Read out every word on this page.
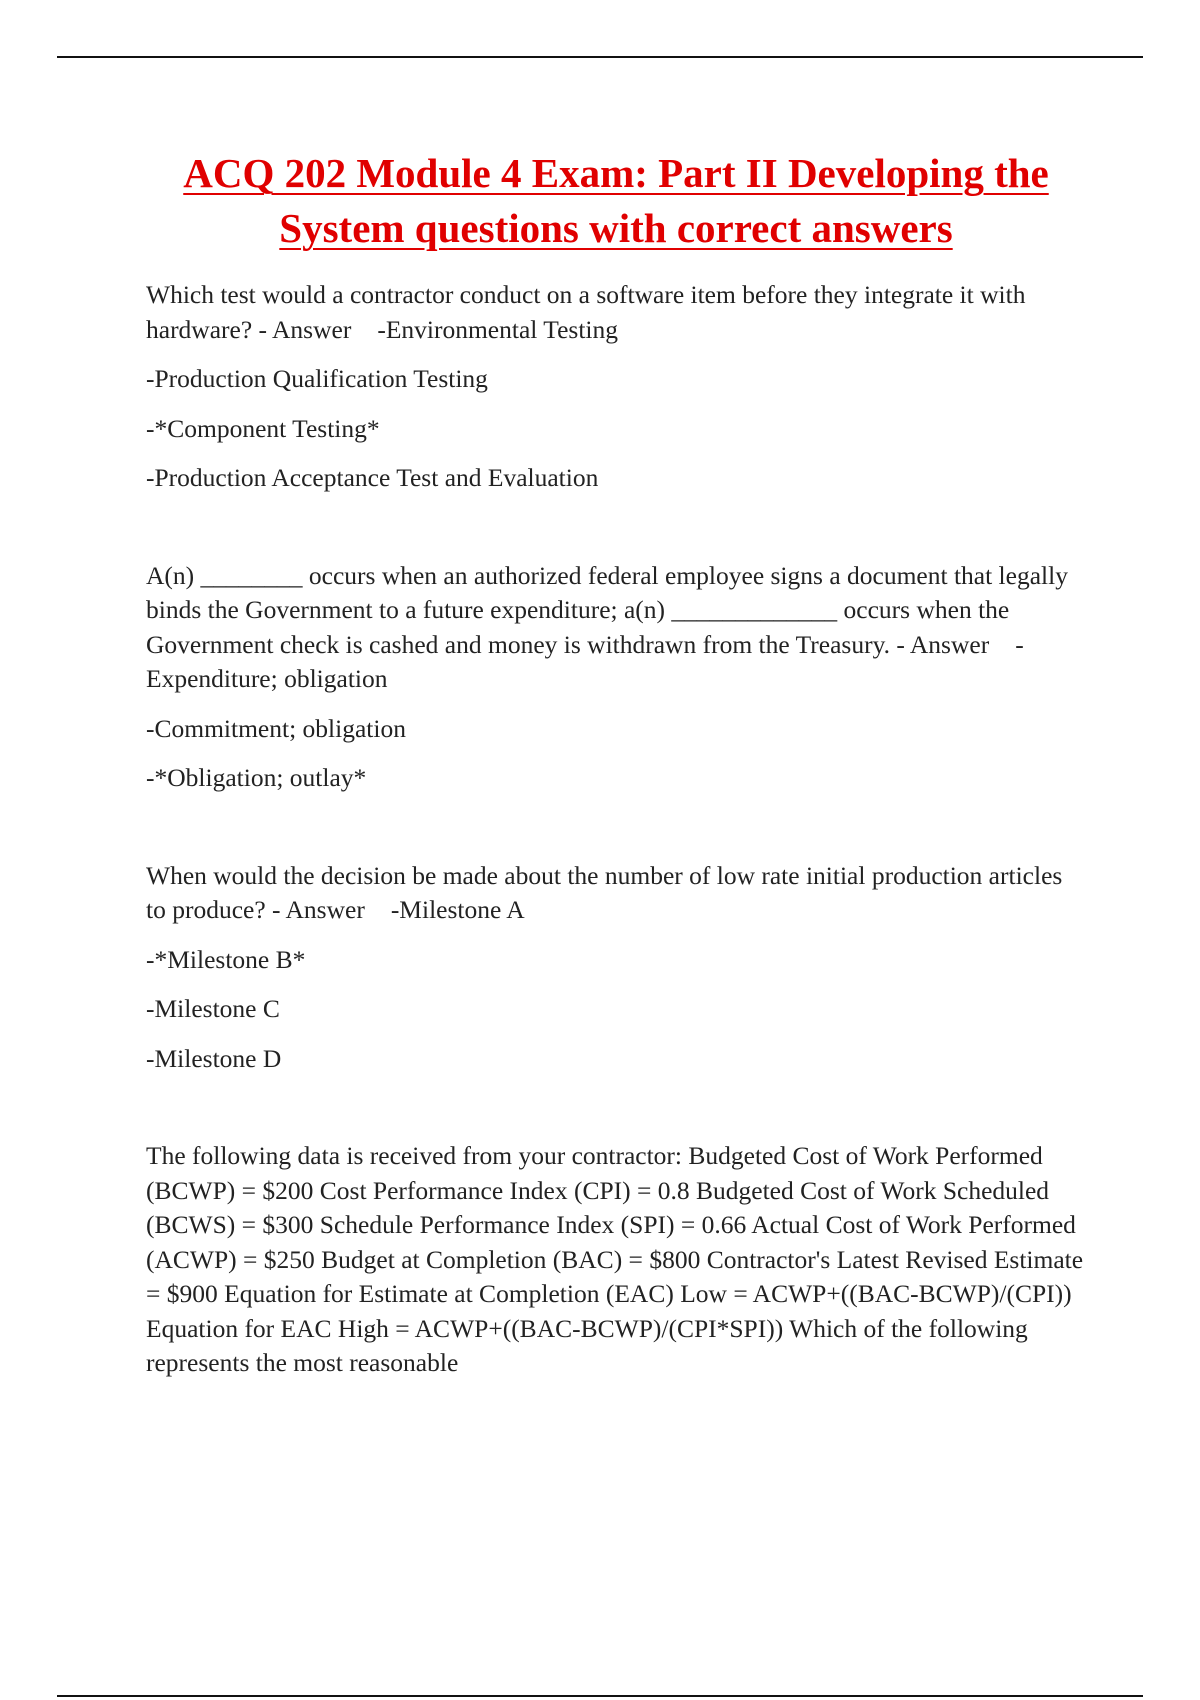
ACQ 202 Module 4 Exam: Part II Developing the System questions with correct answers

Which test would a contractor conduct on a software item before they integrate it with hardware? - Answer -Environmental Testing

-Production Qualification Testing

-*Component Testing*

-Production Acceptance Test and Evaluation

A(n) ________ occurs when an authorized federal employee signs a document that legally binds the Government to a future expenditure; a(n) _____________ occurs when the Government check is cashed and money is withdrawn from the Treasury. - Answer -Expenditure; obligation

-Commitment; obligation

-*Obligation; outlay*

When would the decision be made about the number of low rate initial production articles to produce? - Answer -Milestone A

-*Milestone B*

-Milestone C

-Milestone D

The following data is received from your contractor: Budgeted Cost of Work Performed (BCWP) = $200 Cost Performance Index (CPI) = 0.8 Budgeted Cost of Work Scheduled (BCWS) = $300 Schedule Performance Index (SPI) = 0.66 Actual Cost of Work Performed (ACWP) = $250 Budget at Completion (BAC) = $800 Contractor's Latest Revised Estimate = $900 Equation for Estimate at Completion (EAC) Low = ACWP+((BAC-BCWP)/(CPI)) Equation for EAC High = ACWP+((BAC-BCWP)/(CPI*SPI)) Which of the following represents the most reasonable
